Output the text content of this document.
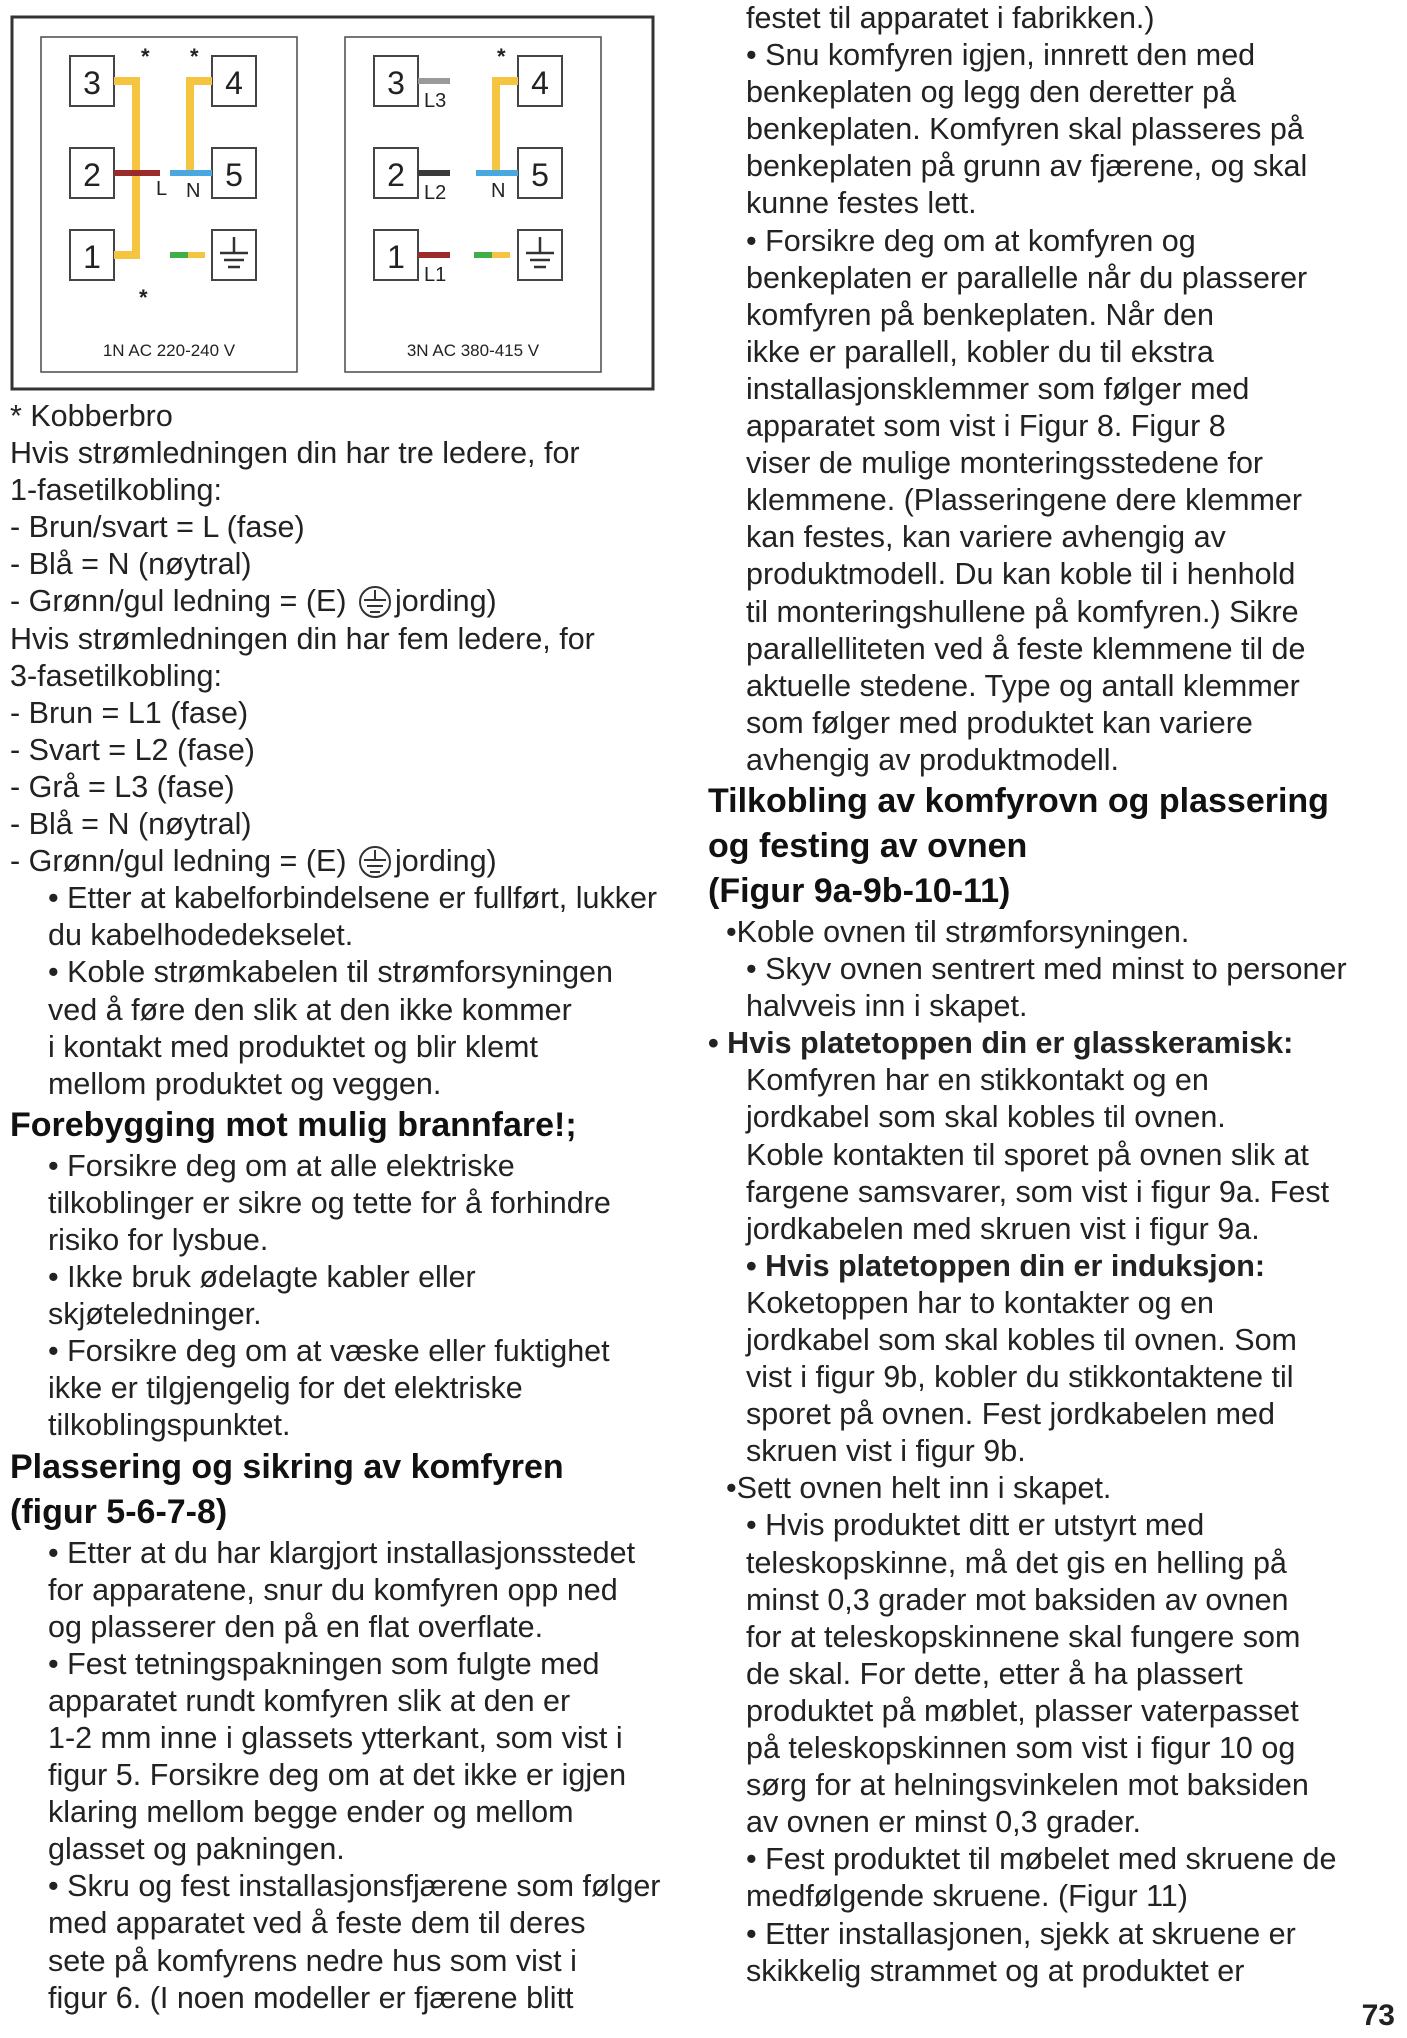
3	4
2	5
1
* *
*
L N
1N AC 220-240 V
3	4
2	5
1
*
L3
L2
L1
N
3N AC 380-415 V

* Kobberbro

Hvis strømledningen din har tre ledere, for

1-fasetilkobling:

- Brun/svart = L (fase)

- Blå = N (nøytral)

- Grønn/gul ledning = (E) jording)

Hvis strømledningen din har fem ledere, for

3-fasetilkobling:

- Brun = L1 (fase)

- Svart = L2 (fase)

- Grå = L3 (fase)

- Blå = N (nøytral)

- Grønn/gul ledning = (E) jording)

• Etter at kabelforbindelsene er fullført, lukker

du kabelhodedekselet.

• Koble strømkabelen til strømforsyningen

ved å føre den slik at den ikke kommer

i kontakt med produktet og blir klemt

mellom produktet og veggen.

Forebygging mot mulig brannfare!;

• Forsikre deg om at alle elektriske

tilkoblinger er sikre og tette for å forhindre

risiko for lysbue.

• Ikke bruk ødelagte kabler eller

skjøteledninger.

• Forsikre deg om at væske eller fuktighet

ikke er tilgjengelig for det elektriske

tilkoblingspunktet.

Plassering og sikring av komfyren

(figur 5-6-7-8)

• Etter at du har klargjort installasjonsstedet

for apparatene, snur du komfyren opp ned

og plasserer den på en flat overflate.

• Fest tetningspakningen som fulgte med

apparatet rundt komfyren slik at den er

1-2 mm inne i glassets ytterkant, som vist i

figur 5. Forsikre deg om at det ikke er igjen

klaring mellom begge ender og mellom

glasset og pakningen.

• Skru og fest installasjonsfjærene som følger

med apparatet ved å feste dem til deres

sete på komfyrens nedre hus som vist i

figur 6. (I noen modeller er fjærene blitt

festet til apparatet i fabrikken.)

• Snu komfyren igjen, innrett den med

benkeplaten og legg den deretter på

benkeplaten. Komfyren skal plasseres på

benkeplaten på grunn av fjærene, og skal

kunne festes lett.

• Forsikre deg om at komfyren og

benkeplaten er parallelle når du plasserer

komfyren på benkeplaten. Når den

ikke er parallell, kobler du til ekstra

installasjonsklemmer som følger med

apparatet som vist i Figur 8. Figur 8

viser de mulige monteringsstedene for

klemmene. (Plasseringene dere klemmer

kan festes, kan variere avhengig av

produktmodell. Du kan koble til i henhold

til monteringshullene på komfyren.) Sikre

parallelliteten ved å feste klemmene til de

aktuelle stedene. Type og antall klemmer

som følger med produktet kan variere

avhengig av produktmodell.

Tilkobling av komfyrovn og plassering

og festing av ovnen

(Figur 9a-9b-10-11)

•Koble ovnen til strømforsyningen.

• Skyv ovnen sentrert med minst to personer

halvveis inn i skapet.

• Hvis platetoppen din er glasskeramisk:

Komfyren har en stikkontakt og en

jordkabel som skal kobles til ovnen.

Koble kontakten til sporet på ovnen slik at

fargene samsvarer, som vist i figur 9a. Fest

jordkabelen med skruen vist i figur 9a.

• Hvis platetoppen din er induksjon:

Koketoppen har to kontakter og en

jordkabel som skal kobles til ovnen. Som

vist i figur 9b, kobler du stikkontaktene til

sporet på ovnen. Fest jordkabelen med

skruen vist i figur 9b.

•Sett ovnen helt inn i skapet.

• Hvis produktet ditt er utstyrt med

teleskopskinne, må det gis en helling på

minst 0,3 grader mot baksiden av ovnen

for at teleskopskinnene skal fungere som

de skal. For dette, etter å ha plassert

produktet på møblet, plasser vaterpasset

på teleskopskinnen som vist i figur 10 og

sørg for at helningsvinkelen mot baksiden

av ovnen er minst 0,3 grader.

• Fest produktet til møbelet med skruene de

medfølgende skruene. (Figur 11)

• Etter installasjonen, sjekk at skruene er

skikkelig strammet og at produktet er

73
